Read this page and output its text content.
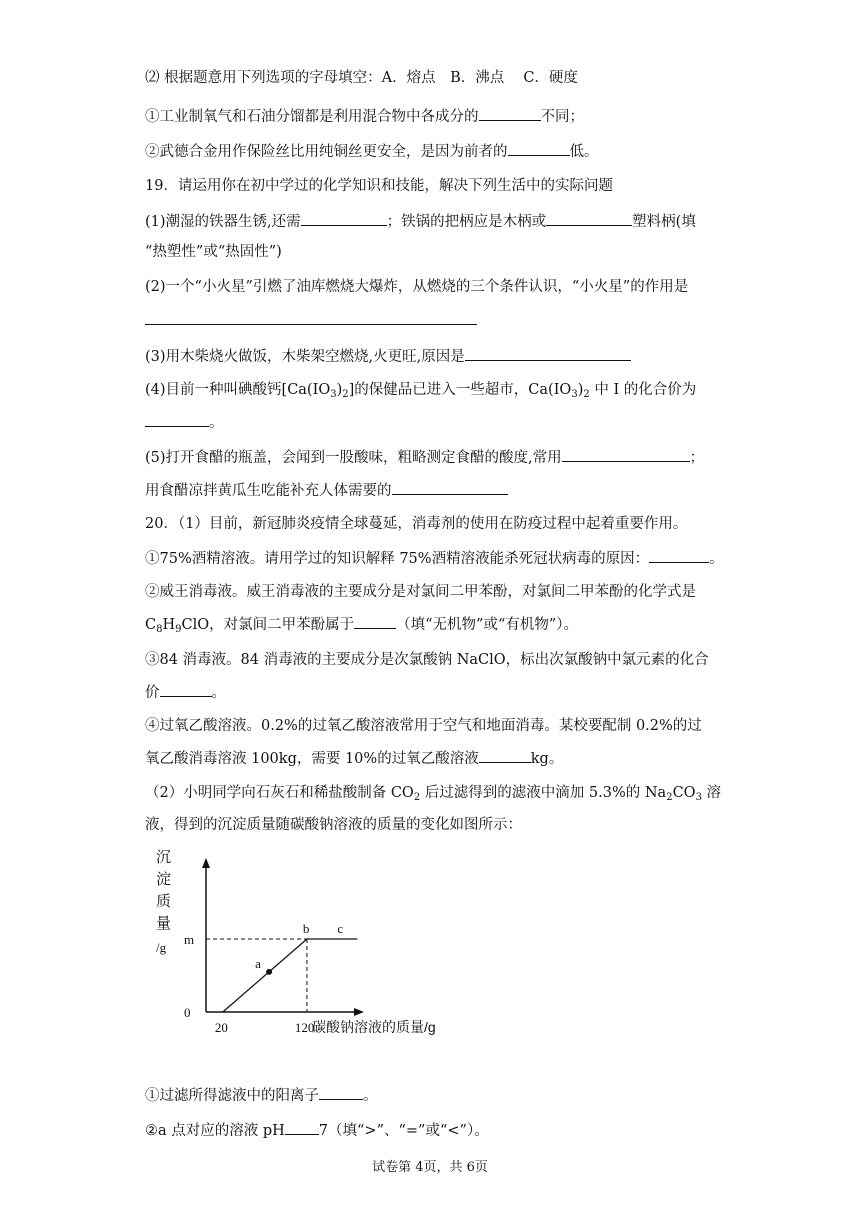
⑵ 根据题意用下列选项的字母填空：A．熔点　B．沸点　 C．硬度
①工业制氧气和石油分馏都是利用混合物中各成分的	不同；
②武德合金用作保险丝比用纯铜丝更安全，是因为前者的	低。
19．请运用你在初中学过的化学知识和技能，解决下列生活中的实际问题
(1)潮湿的铁器生锈,还需	；铁锅的把柄应是木柄或	塑料柄(填
“热塑性”或“热固性”)
(2)一个“小火星”引燃了油库燃烧大爆炸，从燃烧的三个条件认识，“小火星”的作用是
(3)用木柴烧火做饭，木柴架空燃烧,火更旺,原因是
(4)目前一种叫碘酸钙$[Ca(IO_3)_2]$的保健品已进入一些超市，$Ca(IO_3)_2$ 中 I 的化合价为
。
(5)打开食醋的瓶盖，会闻到一股酸味，粗略测定食醋的酸度,常用	；
用食醋凉拌黄瓜生吃能补充人体需要的
20．（1）目前，新冠肺炎疫情全球蔓延，消毒剂的使用在防疫过程中起着重要作用。
①75%酒精溶液。请用学过的知识解释 75%酒精溶液能杀死冠状病毒的原因：	。
②威王消毒液。威王消毒液的主要成分是对氯间二甲苯酚，对氯间二甲苯酚的化学式是
$C_8H_9ClO$，对氯间二甲苯酚属于	（填“无机物”或“有机物”）。
③84 消毒液。84 消毒液的主要成分是次氯酸钠 NaClO，标出次氯酸钠中氯元素的化合
价	。
④过氧乙酸溶液。0.2%的过氧乙酸溶液常用于空气和地面消毒。某校要配制 0.2%的过
氧乙酸消毒溶液 100kg，需要 10%的过氧乙酸溶液	kg。
（2）小明同学向石灰石和稀盐酸制备 $CO_2$ 后过滤得到的滤液中滴加 5.3%的 $Na_2CO_3$ 溶
液，得到的沉淀质量随碳酸钠溶液的质量的变化如图所示：
沉
淀
质
量
/g
0
m
20	120
a
b c
碳酸钠溶液的质量/g
①过滤所得滤液中的阳离子	。
②a 点对应的溶液 pH 7（填“>”、“=”或“<”）。
试卷第 4页，共 6页
